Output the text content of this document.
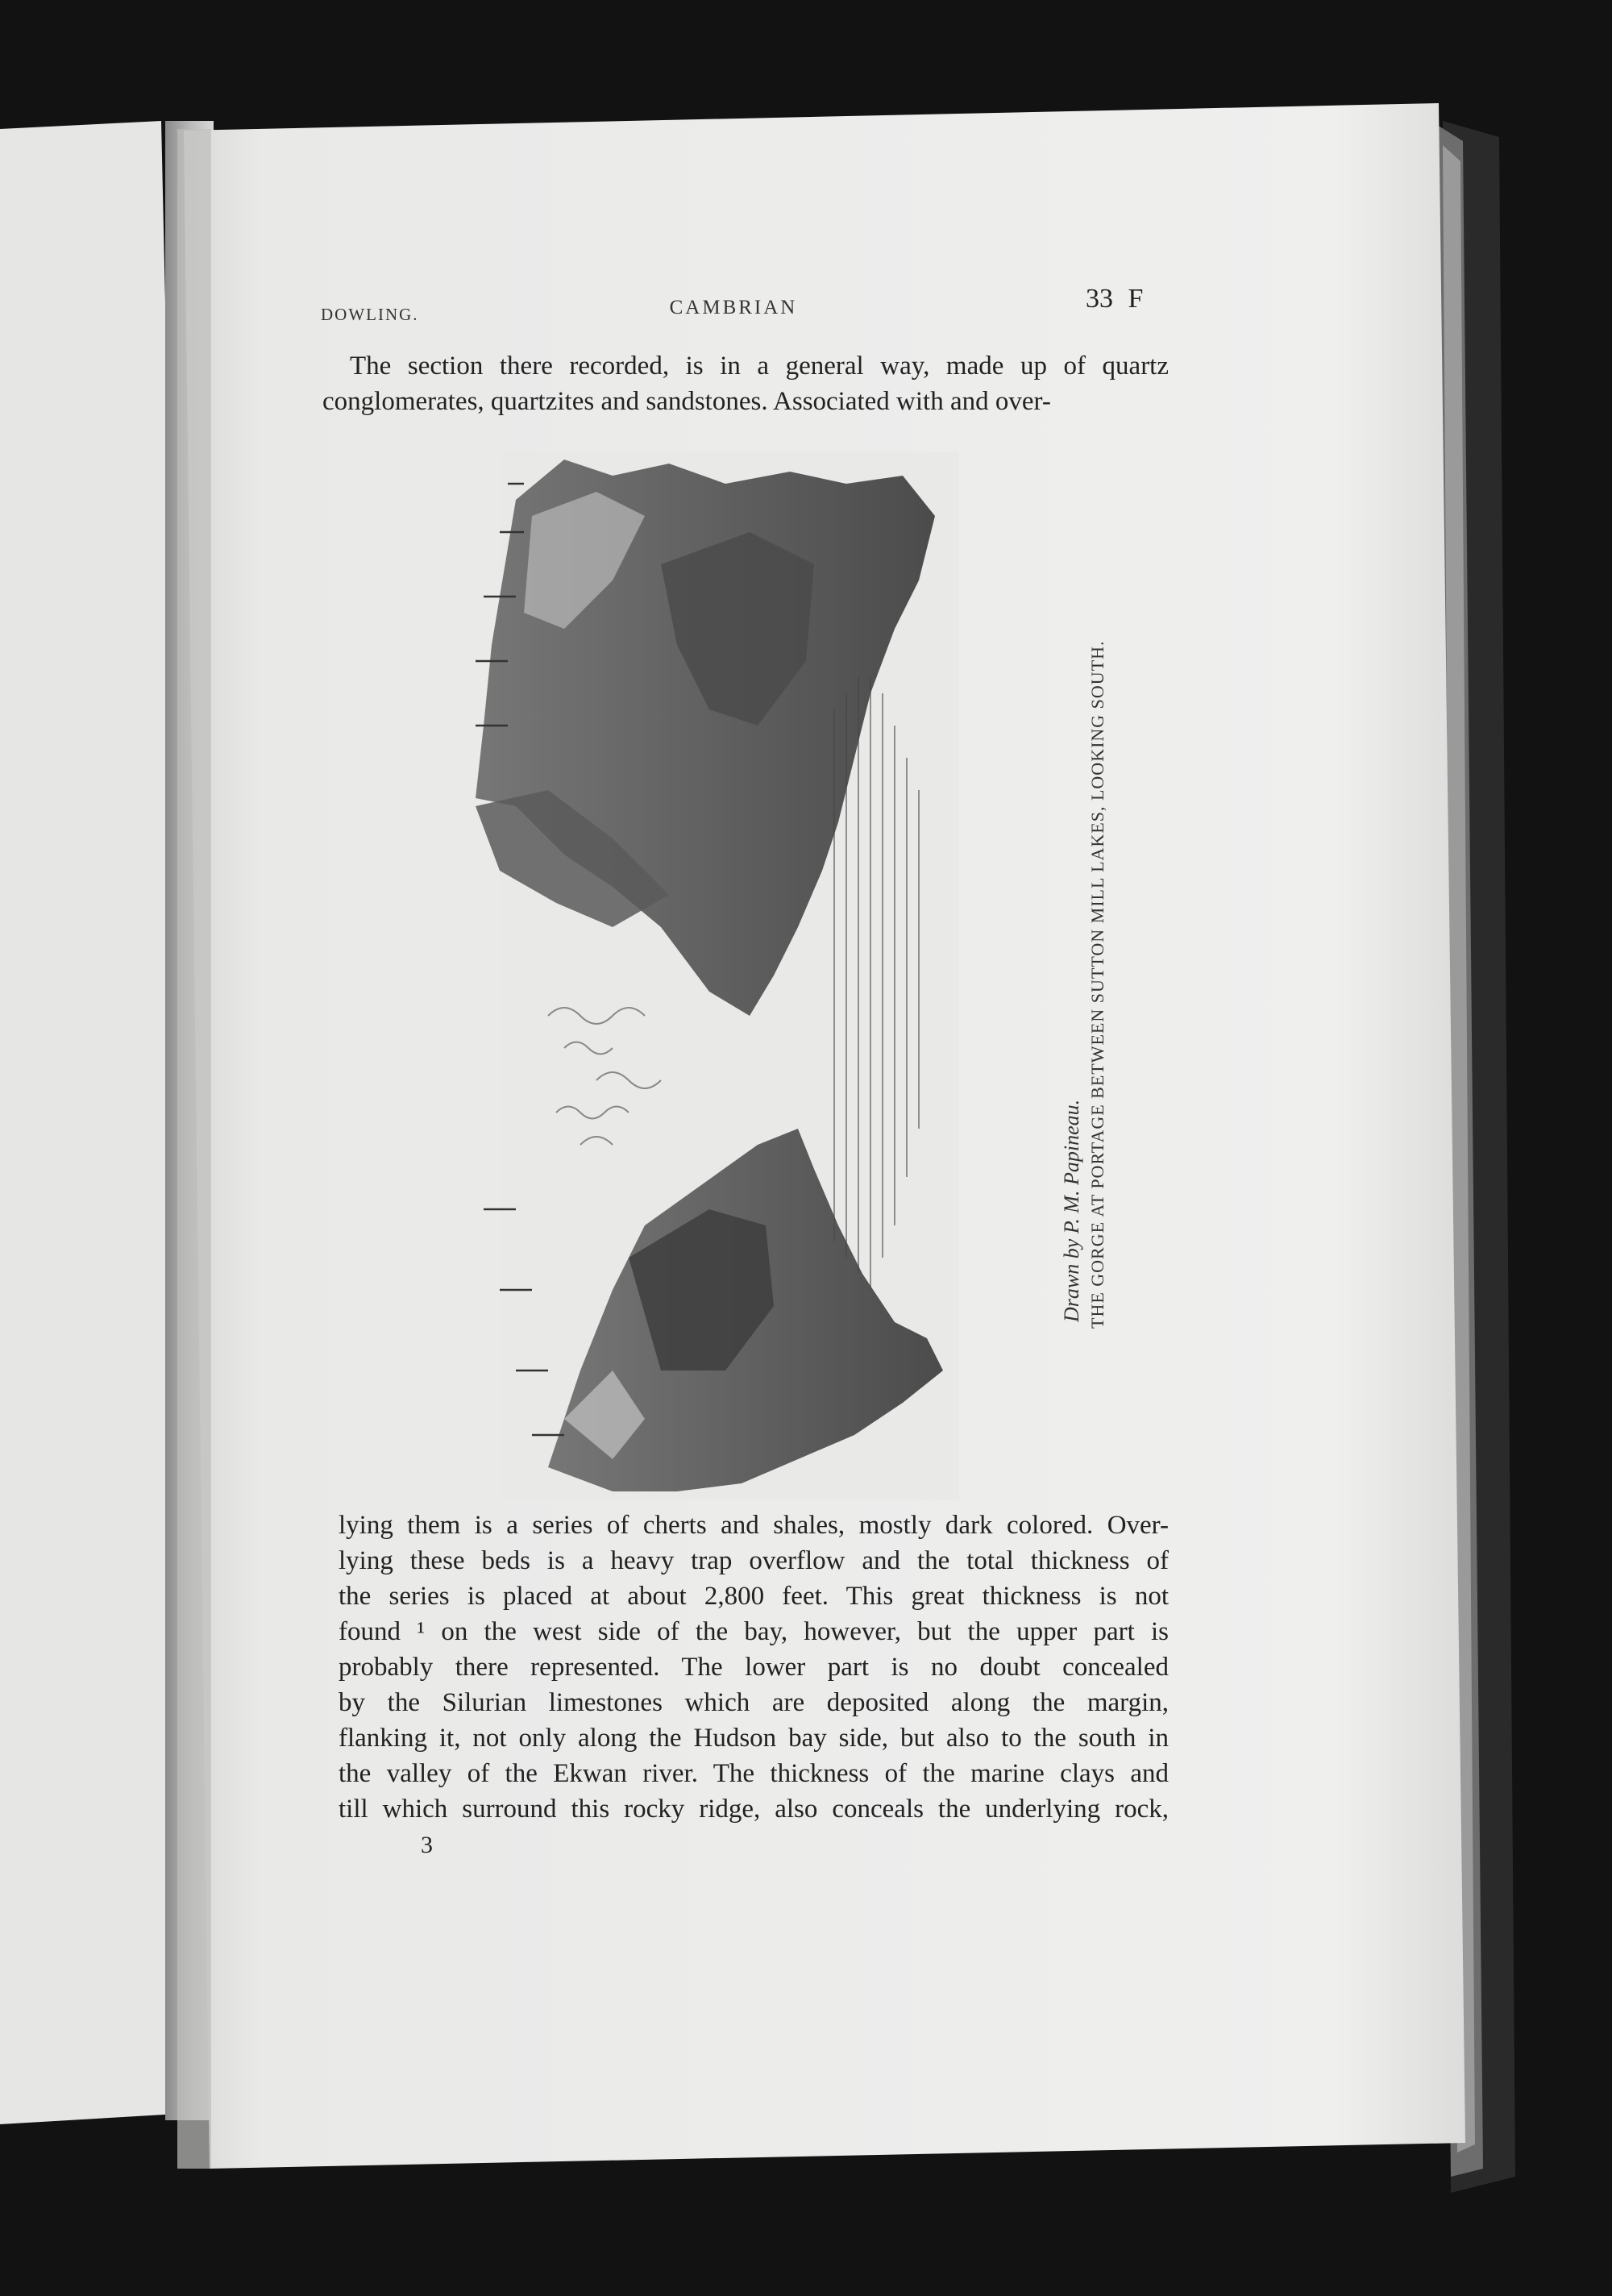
DOWLING.	CAMBRIAN	33 F
The section there recorded, is in a general way, made up of quartz
conglomerates, quartzites and sandstones. Associated with and over-
Drawn by P. M. Papineau. THE GORGE AT PORTAGE BETWEEN SUTTON MILL LAKES, LOOKING SOUTH.
lying them is a series of cherts and shales, mostly dark colored. Over-
lying these beds is a heavy trap overflow and the total thickness of
the series is placed at about 2,800 feet. This great thickness is not
found ¹ on the west side of the bay, however, but the upper part is
probably there represented. The lower part is no doubt concealed
by the Silurian limestones which are deposited along the margin,
flanking it, not only along the Hudson bay side, but also to the south in
the valley of the Ekwan river. The thickness of the marine clays and
till which surround this rocky ridge, also conceals the underlying rock,
3
